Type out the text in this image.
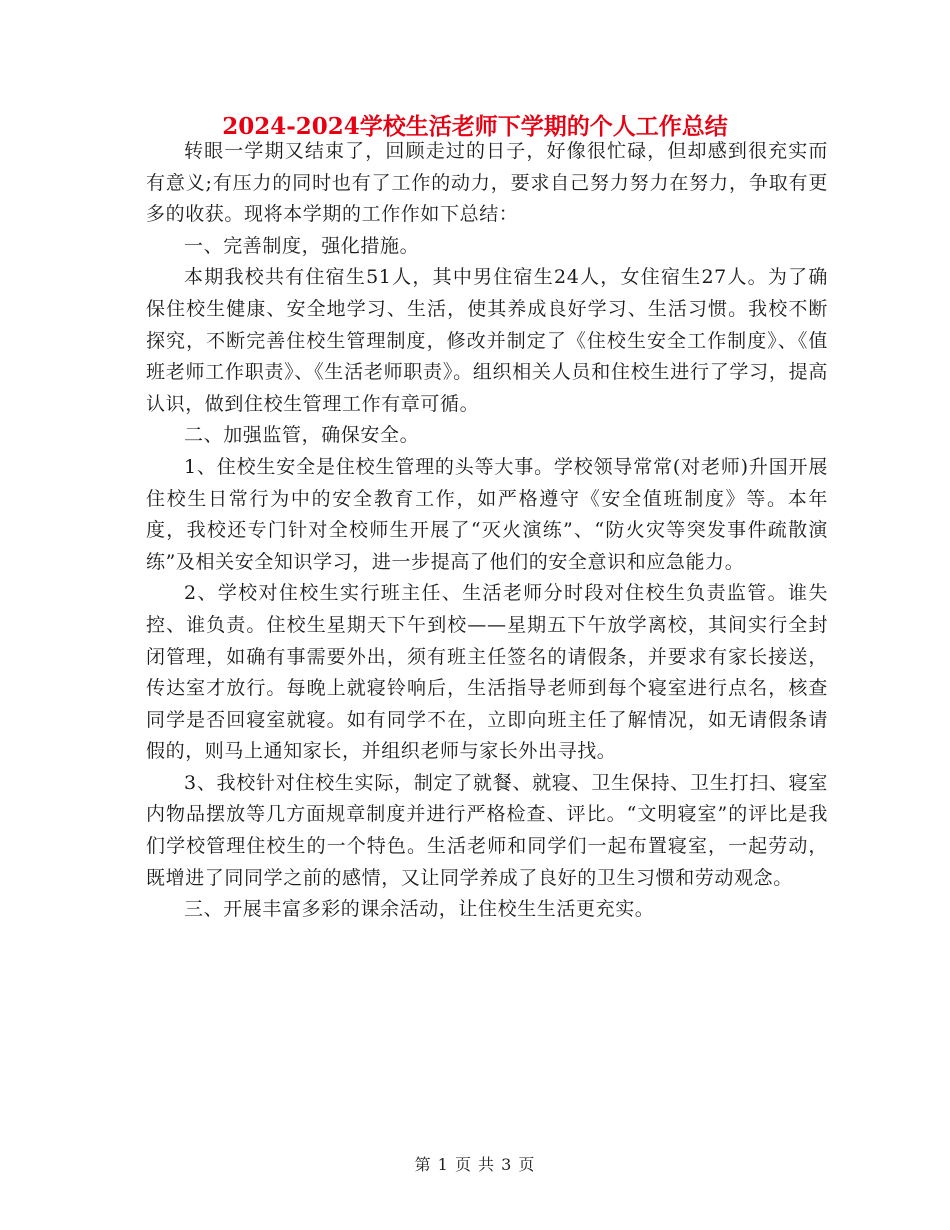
2024-2024学校生活老师下学期的个人工作总结

转眼一学期又结束了，回顾走过的日子，好像很忙碌，但却感到很充实而有意义;有压力的同时也有了工作的动力，要求自己努力努力在努力，争取有更多的收获。现将本学期的工作作如下总结：

一、完善制度，强化措施。

本期我校共有住宿生51人，其中男住宿生24人，女住宿生27人。为了确保住校生健康、安全地学习、生活，使其养成良好学习、生活习惯。我校不断探究，不断完善住校生管理制度，修改并制定了《住校生安全工作制度》、《值班老师工作职责》、《生活老师职责》。组织相关人员和住校生进行了学习，提高认识，做到住校生管理工作有章可循。

二、加强监管，确保安全。

1、住校生安全是住校生管理的头等大事。学校领导常常(对老师)升国开展住校生日常行为中的安全教育工作，如严格遵守《安全值班制度》等。本年度，我校还专门针对全校师生开展了“灭火演练”、“防火灾等突发事件疏散演练”及相关安全知识学习，进一步提高了他们的安全意识和应急能力。

2、学校对住校生实行班主任、生活老师分时段对住校生负责监管。谁失控、谁负责。住校生星期天下午到校——星期五下午放学离校，其间实行全封闭管理，如确有事需要外出，须有班主任签名的请假条，并要求有家长接送，传达室才放行。每晚上就寝铃响后，生活指导老师到每个寝室进行点名，核查同学是否回寝室就寝。如有同学不在，立即向班主任了解情况，如无请假条请假的，则马上通知家长，并组织老师与家长外出寻找。

3、我校针对住校生实际，制定了就餐、就寝、卫生保持、卫生打扫、寝室内物品摆放等几方面规章制度并进行严格检查、评比。“文明寝室”的评比是我们学校管理住校生的一个特色。生活老师和同学们一起布置寝室，一起劳动，既增进了同同学之前的感情，又让同学养成了良好的卫生习惯和劳动观念。

三、开展丰富多彩的课余活动，让住校生生活更充实。

第 1 页 共 3 页
